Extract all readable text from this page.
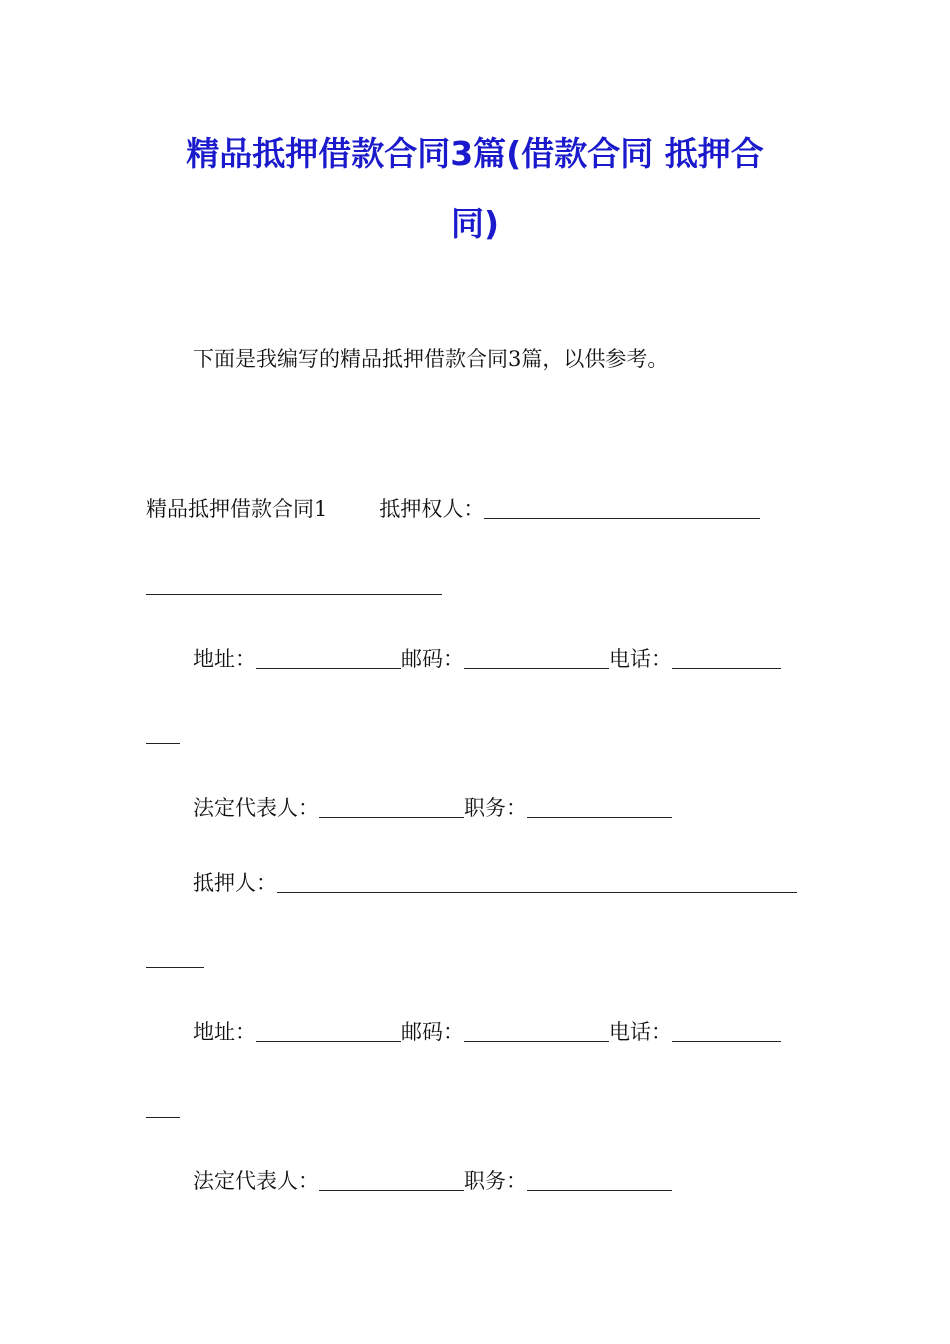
精品抵押借款合同3篇(借款合同 抵押合
同)
下面是我编写的精品抵押借款合同3篇，以供参考。
精品抵押借款合同1 抵押权人：
地址：	邮码：	电话：
法定代表人：	职务：
抵押人：
地址：	邮码：	电话：
法定代表人：	职务：
